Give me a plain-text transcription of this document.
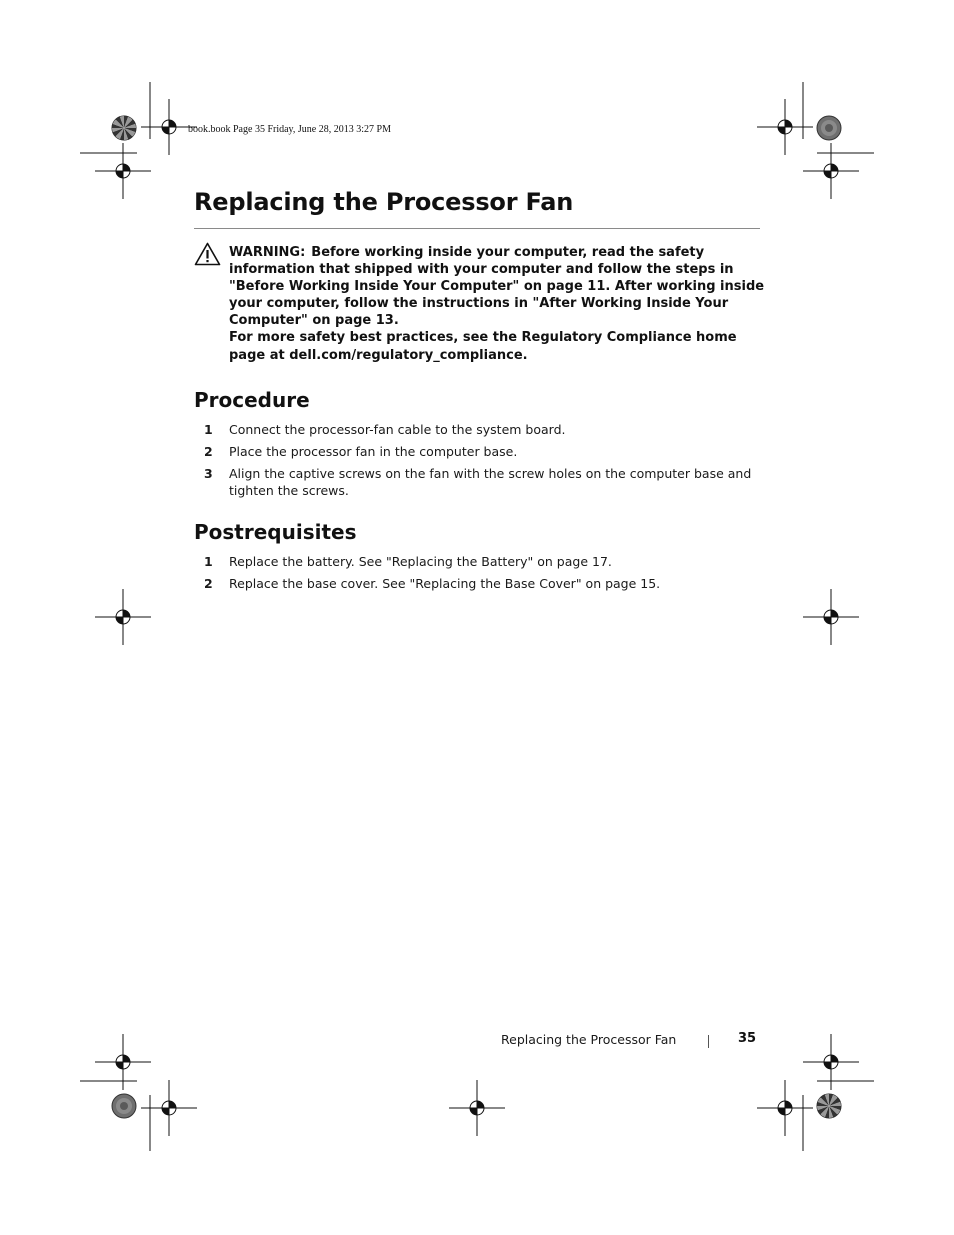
book.book Page 35 Friday, June 28, 2013 3:27 PM
Replacing the Processor Fan

WARNING: Before working inside your computer, read the safety information that shipped with your computer and follow the steps in "Before Working Inside Your Computer" on page 11. After working inside your computer, follow the instructions in "After Working Inside Your Computer" on page 13.

For more safety best practices, see the Regulatory Compliance home page at dell.com/regulatory_compliance.

Procedure
1 Connect the processor-fan cable to the system board.
2 Place the processor fan in the computer base.
3 Align the captive screws on the fan with the screw holes on the computer base and tighten the screws.
Postrequisites
1 Replace the battery. See "Replacing the Battery" on page 17.
2 Replace the base cover. See "Replacing the Base Cover" on page 15.
Replacing the Processor Fan	35
